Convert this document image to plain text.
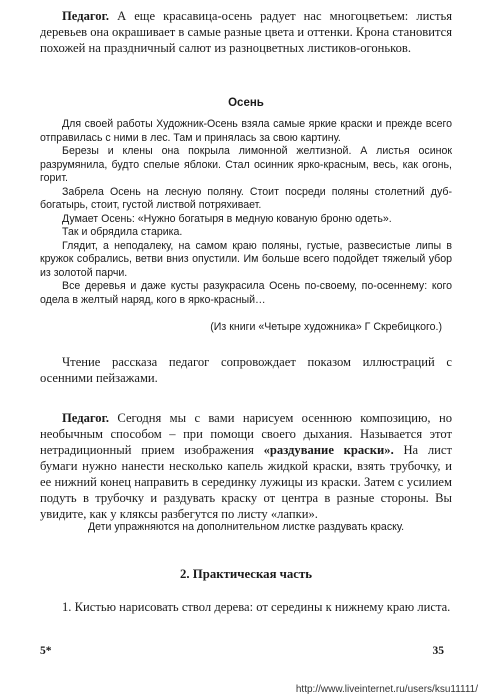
Педагог. А еще красавица-осень радует нас многоцветьем: листья деревьев она окрашивает в самые разные цвета и оттенки. Крона становится похожей на праздничный салют из разноцветных листиков-огоньков.

Осень

Для своей работы Художник-Осень взяла самые яркие краски и прежде всего отправилась с ними в лес. Там и принялась за свою картину.

Березы и клены она покрыла лимонной желтизной. А листья осинок разрумянила, будто спелые яблоки. Стал осинник ярко-красным, весь, как огонь, горит.

Забрела Осень на лесную поляну. Стоит посреди поляны столетний дуб-богатырь, стоит, густой листвой потряхивает.

Думает Осень: «Нужно богатыря в медную кованую броню одеть».

Так и обрядила старика.

Глядит, а неподалеку, на самом краю поляны, густые, развесистые липы в кружок собрались, ветви вниз опустили. Им больше всего подойдет тяжелый убор из золотой парчи.

Все деревья и даже кусты разукрасила Осень по-своему, по-осеннему: кого одела в желтый наряд, кого в ярко-красный…

(Из книги «Четыре художника» Г Скребицкого.)

Чтение рассказа педагог сопровождает показом иллюстраций с осенними пейзажами.

Педагог. Сегодня мы с вами нарисуем осеннюю композицию, но необычным способом – при помощи своего дыхания. Называется этот нетрадиционный прием изображения «раздувание краски». На лист бумаги нужно нанести несколько капель жидкой краски, взять трубочку, и ее нижний конец направить в серединку лужицы из краски. Затем с усилием подуть в трубочку и раздувать краску от центра в разные стороны. Вы увидите, как у кляксы разбегутся по листу «лапки».

Дети упражняются на дополнительном листке раздувать краску.
2. Практическая часть

1. Кистью нарисовать ствол дерева: от середины к нижнему краю листа.

5*	35
http://www.liveinternet.ru/users/ksu11111/
